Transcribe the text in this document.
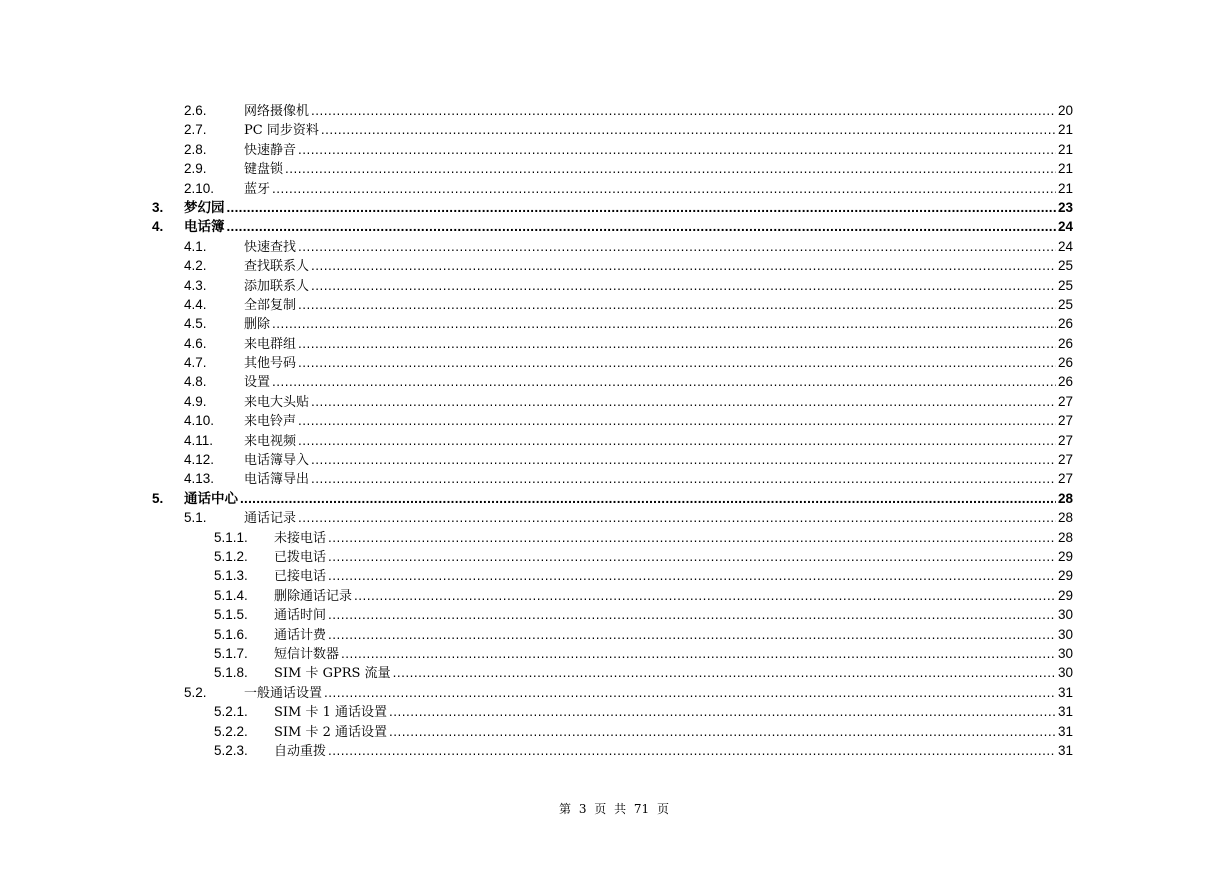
2.6.	网络摄像机 .....	20
2.7.	PC 同步资料 .....	21
2.8.	快速静音 .....	21
2.9.	键盘锁 .....	21
2.10.	蓝牙 .....	21
3.	梦幻园 .....	23
4.	电话簿 .....	24
4.1.	快速查找 .....	24
4.2.	查找联系人 .....	25
4.3.	添加联系人 .....	25
4.4.	全部复制 .....	25
4.5.	删除 .....	26
4.6.	来电群组 .....	26
4.7.	其他号码 .....	26
4.8.	设置 .....	26
4.9.	来电大头贴 .....	27
4.10.	来电铃声 .....	27
4.11.	来电视频 .....	27
4.12.	电话簿导入 .....	27
4.13.	电话簿导出 .....	27
5.	通话中心 .....	28
5.1.	通话记录 .....	28
5.1.1.	未接电话 .....	28
5.1.2.	已拨电话 .....	29
5.1.3.	已接电话 .....	29
5.1.4.	删除通话记录 .....	29
5.1.5.	通话时间 .....	30
5.1.6.	通话计费 .....	30
5.1.7.	短信计数器 .....	30
5.1.8.	SIM 卡 GPRS 流量 .....	30
5.2.	一般通话设置 .....	31
5.2.1.	SIM 卡 1 通话设置 .....	31
5.2.2.	SIM 卡 2 通话设置 .....	31
5.2.3.	自动重拨 .....	31
第 3 页 共 71 页
